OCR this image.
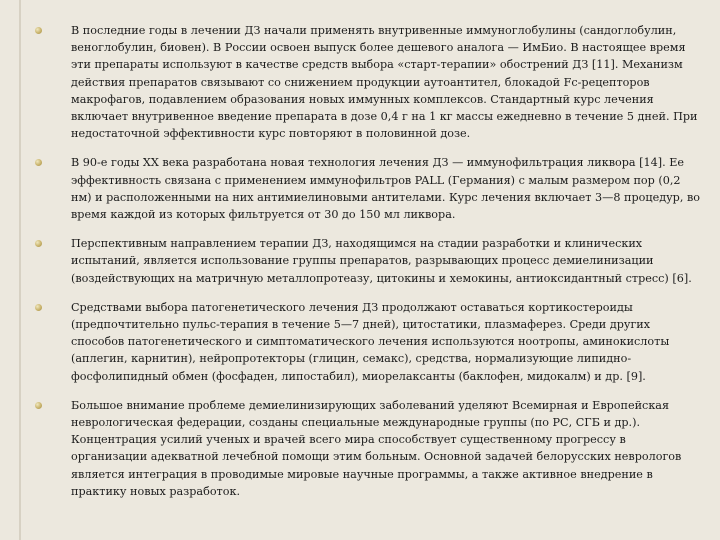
В последние годы в лечении ДЗ начали применять внутривенные иммуноглобулины (сандоглобулин, веноглобулин, биовен). В России освоен выпуск более дешевого аналога — ИмБио. В настоящее время эти препараты используют в качестве средств выбора «старт-терапии» обострений ДЗ [11]. Механизм действия препаратов связывают со снижением продукции аутоантител, блокадой Fc-рецепторов макрофагов, подавлением образования новых иммунных комплексов. Стандартный курс лечения включает внутривенное введение препарата в дозе 0,4 г на 1 кг массы ежедневно в течение 5 дней. При недостаточной эффективности курс повторяют в половинной дозе.
В 90-е годы XX века разработана новая технология лечения ДЗ — иммунофильтрация ликвора [14]. Ее эффективность связана с применением иммунофильтров PALL (Германия) с малым размером пор (0,2 нм) и расположенными на них антимиелиновыми антителами. Курс лечения включает 3—8 процедур, во время каждой из которых фильтруется от 30 до 150 мл ликвора.
Перспективным направлением терапии ДЗ, находящимся на стадии разработки и клинических испытаний, является использование группы препаратов, разрывающих процесс демиелинизации (воздействующих на матричную металлопротеазу, цитокины и хемокины, антиоксидантный стресс) [6].
Средствами выбора патогенетического лечения ДЗ продолжают оставаться кортикостероиды (предпочтительно пульс-терапия в течение 5—7 дней), цитостатики, плазмаферез. Среди других способов патогенетического и симптоматического лечения используются ноотропы, аминокислоты (аплегин, карнитин), нейропротекторы (глицин, семакс), средства, нормализующие липидно-фосфолипидный обмен (фосфаден, липостабил), миорелаксанты (баклофен, мидокалм) и др. [9].
Большое внимание проблеме демиелинизирующих заболеваний уделяют Всемирная и Европейская неврологическая федерации, созданы специальные международные группы (по РС, СГБ и др.). Концентрация усилий ученых и врачей всего мира способствует существенному прогрессу в организации адекватной лечебной помощи этим больным. Основной задачей белорусских неврологов является интеграция в проводимые мировые научные программы, а также активное внедрение в практику новых разработок.
